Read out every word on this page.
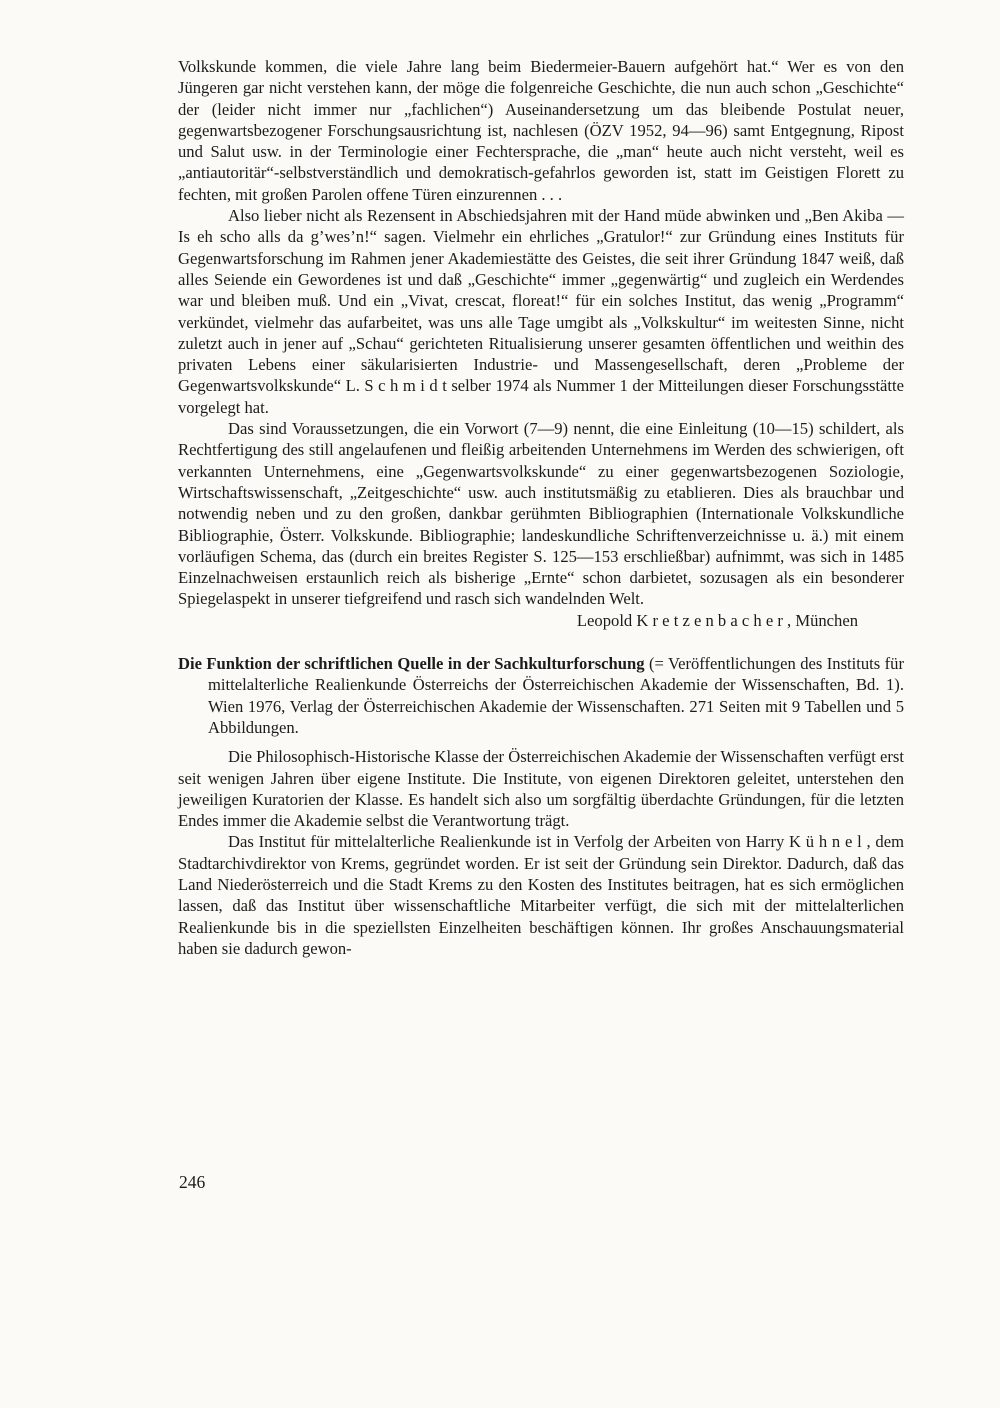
Volkskunde kommen, die viele Jahre lang beim Biedermeier-Bauern aufgehört hat.“ Wer es von den Jüngeren gar nicht verstehen kann, der möge die folgenreiche Geschichte, die nun auch schon „Geschichte“ der (leider nicht immer nur „fachlichen“) Auseinandersetzung um das bleibende Postulat neuer, gegenwartsbezogener Forschungsausrichtung ist, nachlesen (ÖZV 1952, 94—96) samt Entgegnung, Ripost und Salut usw. in der Terminologie einer Fechtersprache, die „man“ heute auch nicht versteht, weil es „antiautoritär“-selbstverständlich und demokratisch-gefahrlos geworden ist, statt im Geistigen Florett zu fechten, mit großen Parolen offene Türen einzurennen . . .

Also lieber nicht als Rezensent in Abschiedsjahren mit der Hand müde abwinken und „Ben Akiba — Is eh scho alls da g’wes’n!“ sagen. Vielmehr ein ehrliches „Gratulor!“ zur Gründung eines Instituts für Gegenwartsforschung im Rahmen jener Akademiestätte des Geistes, die seit ihrer Gründung 1847 weiß, daß alles Seiende ein Gewordenes ist und daß „Geschichte“ immer „gegenwärtig“ und zugleich ein Werdendes war und bleiben muß. Und ein „Vivat, crescat, floreat!“ für ein solches Institut, das wenig „Programm“ verkündet, vielmehr das aufarbeitet, was uns alle Tage umgibt als „Volkskultur“ im weitesten Sinne, nicht zuletzt auch in jener auf „Schau“ gerichteten Ritualisierung unserer gesamten öffentlichen und weithin des privaten Lebens einer säkularisierten Industrie- und Massengesellschaft, deren „Probleme der Gegenwartsvolkskunde“ L. S c h m i d t selber 1974 als Nummer 1 der Mitteilungen dieser Forschungsstätte vorgelegt hat.

Das sind Voraussetzungen, die ein Vorwort (7—9) nennt, die eine Einleitung (10—15) schildert, als Rechtfertigung des still angelaufenen und fleißig arbeitenden Unternehmens im Werden des schwierigen, oft verkannten Unternehmens, eine „Gegenwartsvolkskunde“ zu einer gegenwartsbezogenen Soziologie, Wirtschaftswissenschaft, „Zeitgeschichte“ usw. auch institutsmäßig zu etablieren. Dies als brauchbar und notwendig neben und zu den großen, dankbar gerühmten Bibliographien (Internationale Volkskundliche Bibliographie, Österr. Volkskunde. Bibliographie; landeskundliche Schriftenverzeichnisse u. ä.) mit einem vorläufigen Schema, das (durch ein breites Register S. 125—153 erschließbar) aufnimmt, was sich in 1485 Einzelnachweisen erstaunlich reich als bisherige „Ernte“ schon darbietet, sozusagen als ein besonderer Spiegelaspekt in unserer tiefgreifend und rasch sich wandelnden Welt.

Leopold K r e t z e n b a c h e r , München

Die Funktion der schriftlichen Quelle in der Sachkulturforschung (= Veröffentlichungen des Instituts für mittelalterliche Realienkunde Österreichs der Österreichischen Akademie der Wissenschaften, Bd. 1). Wien 1976, Verlag der Österreichischen Akademie der Wissenschaften. 271 Seiten mit 9 Tabellen und 5 Abbildungen.

Die Philosophisch-Historische Klasse der Österreichischen Akademie der Wissenschaften verfügt erst seit wenigen Jahren über eigene Institute. Die Institute, von eigenen Direktoren geleitet, unterstehen den jeweiligen Kuratorien der Klasse. Es handelt sich also um sorgfältig überdachte Gründungen, für die letzten Endes immer die Akademie selbst die Verantwortung trägt.

Das Institut für mittelalterliche Realienkunde ist in Verfolg der Arbeiten von Harry K ü h n e l , dem Stadtarchivdirektor von Krems, gegründet worden. Er ist seit der Gründung sein Direktor. Dadurch, daß das Land Niederösterreich und die Stadt Krems zu den Kosten des Institutes beitragen, hat es sich ermöglichen lassen, daß das Institut über wissenschaftliche Mitarbeiter verfügt, die sich mit der mittelalterlichen Realienkunde bis in die speziellsten Einzelheiten beschäftigen können. Ihr großes Anschauungsmaterial haben sie dadurch gewon-

246
